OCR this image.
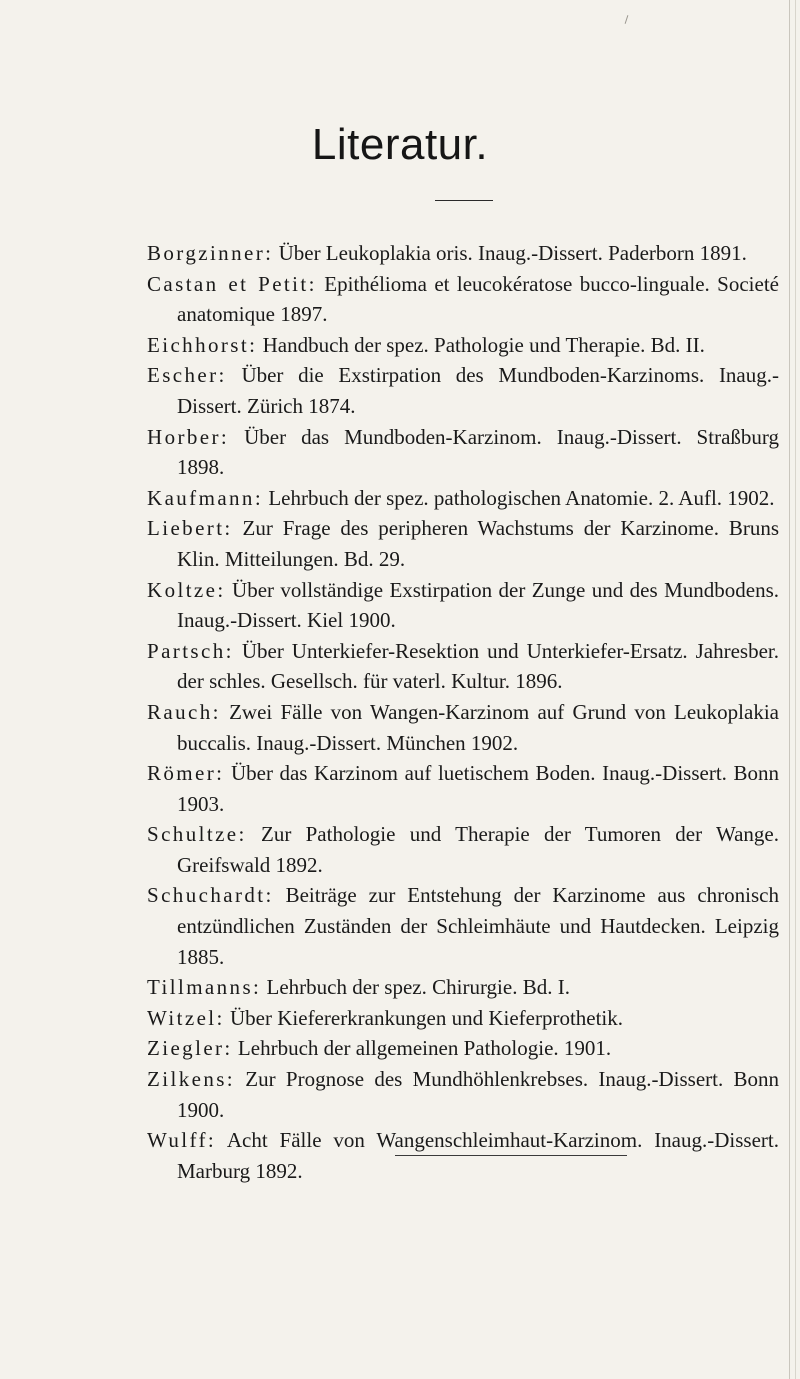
Literatur.
Borgzinner: Über Leukoplakia oris. Inaug.-Dissert. Paderborn 1891.
Castan et Petit: Epithélioma et leucokératose bucco-linguale. Societé anatomique 1897.
Eichhorst: Handbuch der spez. Pathologie und Therapie. Bd. II.
Escher: Über die Exstirpation des Mundboden-Karzinoms. Inaug.-Dissert. Zürich 1874.
Horber: Über das Mundboden-Karzinom. Inaug.-Dissert. Straßburg 1898.
Kaufmann: Lehrbuch der spez. pathologischen Anatomie. 2. Aufl. 1902.
Liebert: Zur Frage des peripheren Wachstums der Karzinome. Bruns Klin. Mitteilungen. Bd. 29.
Koltze: Über vollständige Exstirpation der Zunge und des Mundbodens. Inaug.-Dissert. Kiel 1900.
Partsch: Über Unterkiefer-Resektion und Unterkiefer-Ersatz. Jahresber. der schles. Gesellsch. für vaterl. Kultur. 1896.
Rauch: Zwei Fälle von Wangen-Karzinom auf Grund von Leukoplakia buccalis. Inaug.-Dissert. München 1902.
Römer: Über das Karzinom auf luetischem Boden. Inaug.-Dissert. Bonn 1903.
Schultze: Zur Pathologie und Therapie der Tumoren der Wange. Greifswald 1892.
Schuchardt: Beiträge zur Entstehung der Karzinome aus chronisch entzündlichen Zuständen der Schleimhäute und Hautdecken. Leipzig 1885.
Tillmanns: Lehrbuch der spez. Chirurgie. Bd. I.
Witzel: Über Kiefererkrankungen und Kieferprothetik.
Ziegler: Lehrbuch der allgemeinen Pathologie. 1901.
Zilkens: Zur Prognose des Mundhöhlenkrebses. Inaug.-Dissert. Bonn 1900.
Wulff: Acht Fälle von Wangenschleimhaut-Karzinom. Inaug.-Dissert. Marburg 1892.
